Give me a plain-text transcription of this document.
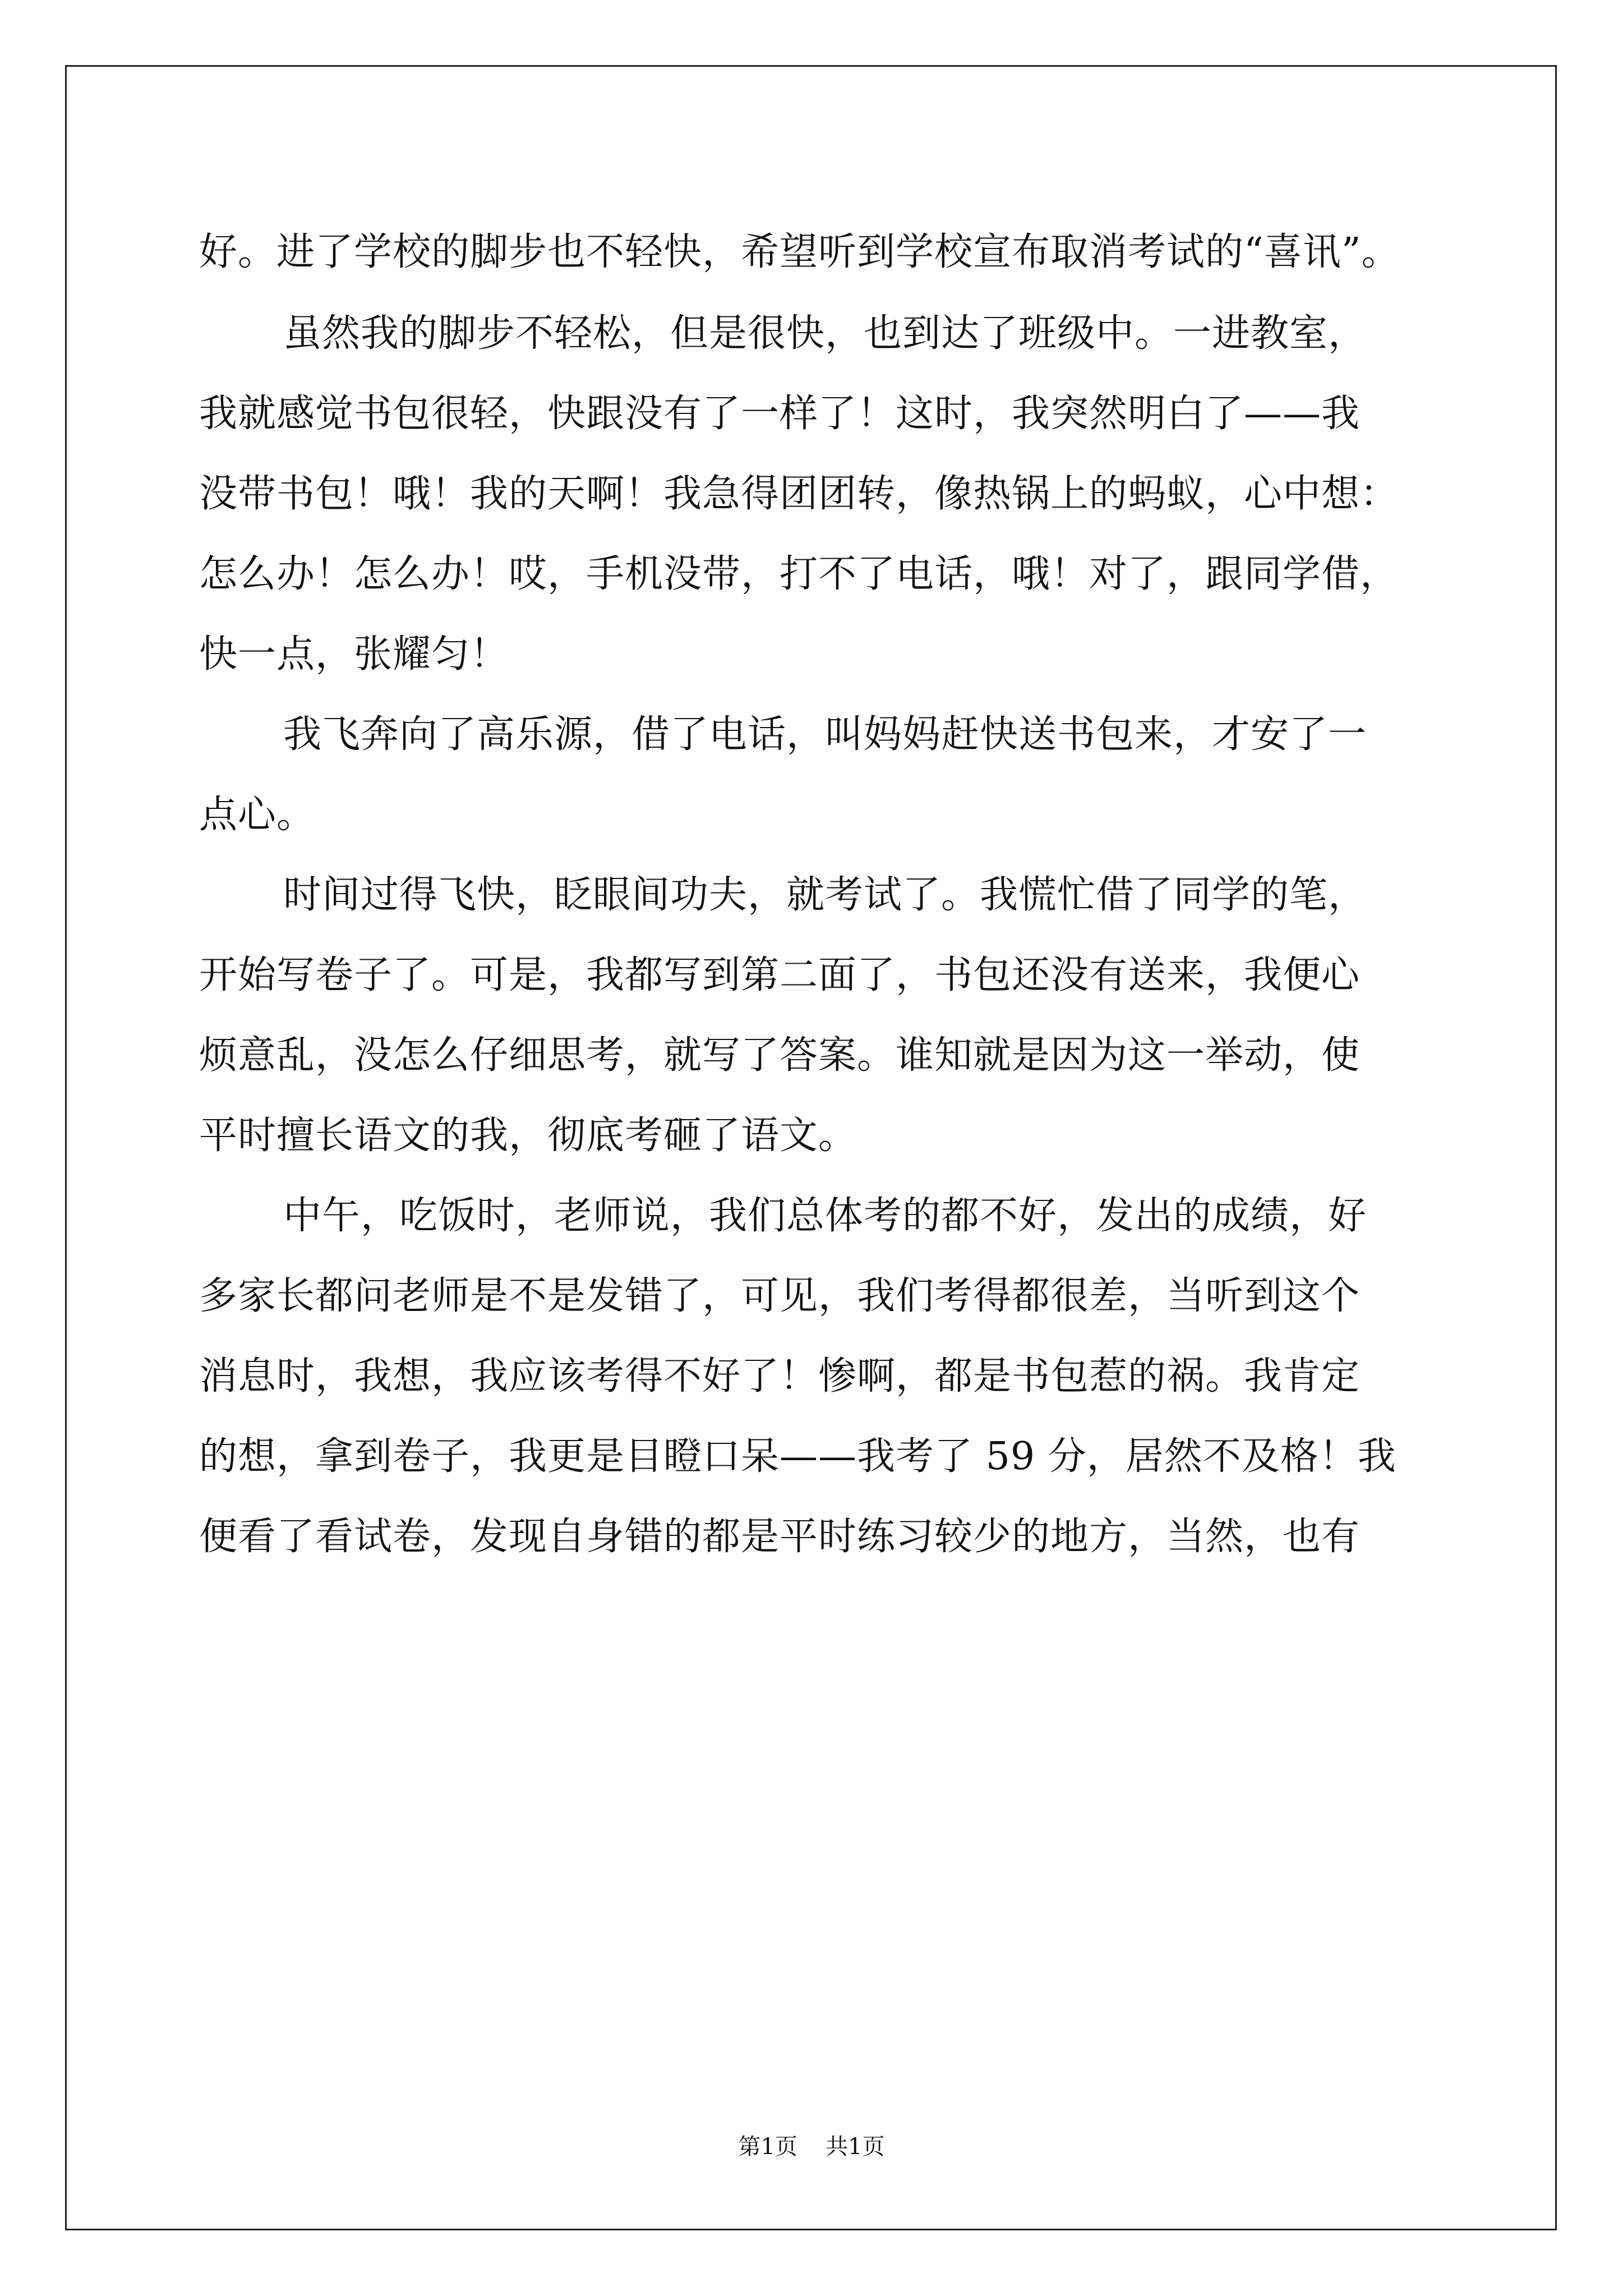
好。进了学校的脚步也不轻快，希望听到学校宣布取消考试的“喜讯”。
虽然我的脚步不轻松，但是很快，也到达了班级中。一进教室，
我就感觉书包很轻，快跟没有了一样了！这时，我突然明白了——我
没带书包！哦！我的天啊！我急得团团转，像热锅上的蚂蚁，心中想：
怎么办！怎么办！哎，手机没带，打不了电话，哦！对了，跟同学借，
快一点，张耀匀！
我飞奔向了高乐源，借了电话，叫妈妈赶快送书包来，才安了一
点心。
时间过得飞快，眨眼间功夫，就考试了。我慌忙借了同学的笔，
开始写卷子了。可是，我都写到第二面了，书包还没有送来，我便心
烦意乱，没怎么仔细思考，就写了答案。谁知就是因为这一举动，使
平时擅长语文的我，彻底考砸了语文。
中午，吃饭时，老师说，我们总体考的都不好，发出的成绩，好
多家长都问老师是不是发错了，可见，我们考得都很差，当听到这个
消息时，我想，我应该考得不好了！惨啊，都是书包惹的祸。我肯定
的想，拿到卷子，我更是目瞪口呆——我考了 59 分，居然不及格！我
便看了看试卷，发现自身错的都是平时练习较少的地方，当然，也有
第1页 共1页
